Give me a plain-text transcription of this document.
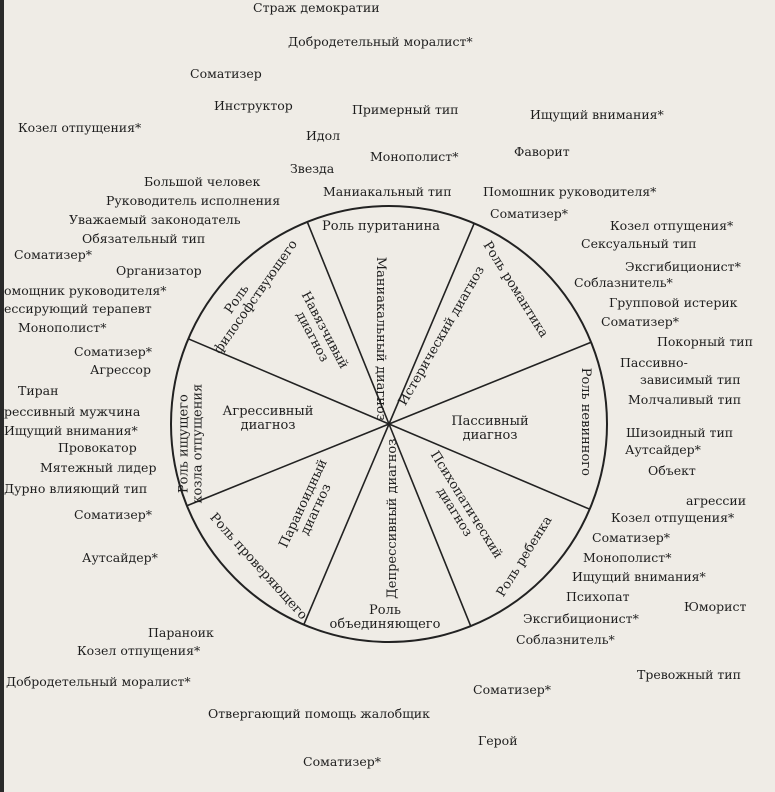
Маниакальный диагноз Истерический диагноз
Пассивный диагноз
Психопатический диагноз
Депрессивный диагноз
Параноидный диагноз
Агрессивный диагноз
Навязчивый диагноз
Роль пуританина
Роль романтика
Роль невинного
Роль ребенка
Роль объединяющего
Роль проверяющего
Роль ищущего козла отпущения
Роль философствующего
Страж демократии
Добродетельный моралист*
Соматизер
Козел отпущения*
Инструктор	Примерный тип	Ищущий внимания*
Идол
Монополист*	Фаворит
Звезда
Большой человек
Маниакальный тип	Помошник руководителя*
Руководитель исполнения
Соматизер*
Уважаемый законодатель	Козел отпущения*
Обязательный тип	Сексуальный тип
Соматизер*
Организатор	Эксгибиционист*
омощник руководителя*
Соблазнитель*
ессирующий терапевт	Групповой истерик
Монополист*	Соматизер*
Соматизер*
Покорный тип
Агрессор	Пассивно-
Тиран
зависимый тип
рессивный мужчина
Молчаливый тип
Ищущий внимания*	Шизоидный тип
Провокатор	Аутсайдер*
Мятежный лидер	Объект
Дурно влияющий тип
агрессии
Соматизер*	Козел отпущения*
Соматизер*
Аутсайдер*	Монополист*
Ищущий внимания*
Психопат
Юморист
Эксгибиционист*
Параноик	Соблазнитель*
Козел отпущения*
Тревожный тип
Добродетельный моралист*
Соматизер*
Отвергающий помощь жалобщик
Герой
Соматизер*
